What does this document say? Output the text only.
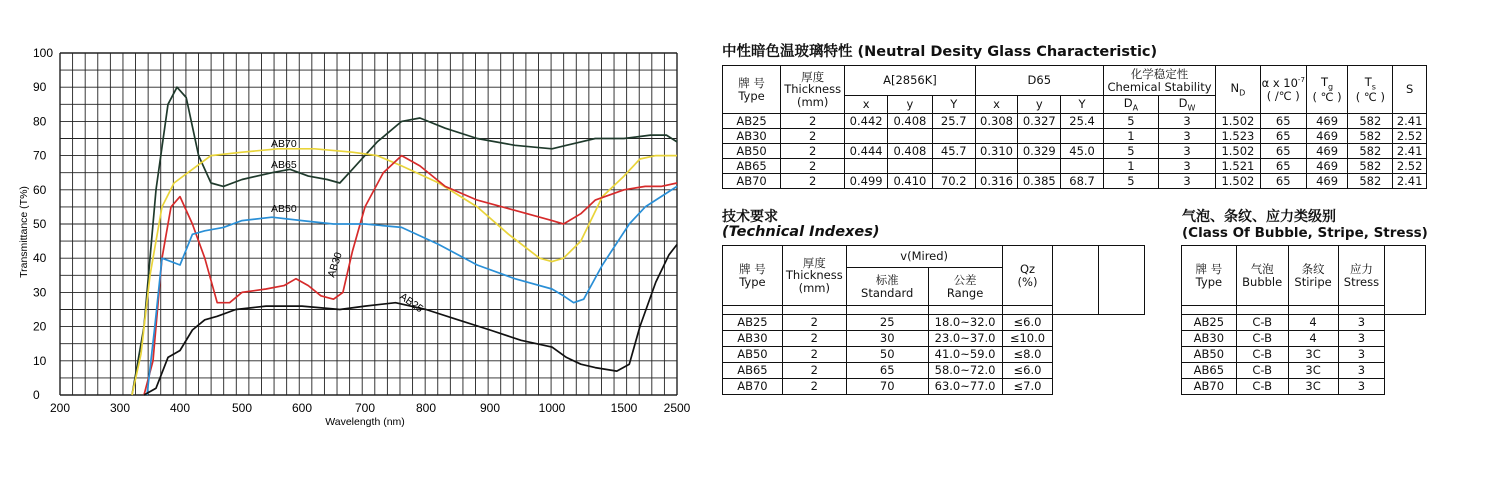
0
10
20
30
40
50
60
70
80
90
100
200	300	400	500	600	700	800	900	1000	1500 2500
Wavelength (nm)
Transmittance (T%)
AB70
AB65
AB50
AB30
AB25
中性暗色温玻璃特性 (Neutral Desity Glass Characteristic)
牌 号
Type	厚度
Thickness
(mm)	A[2856K]			D65			化学稳定性
Chemical Stability		$N_D$	α x $10^{-7}$
( /℃ )	$T_g$
( ℃ )	$T_s$
( ℃ )	S
		x	y	Y	x	y	Y	$D_A$	$D_W$
AB25	2	0.442	0.408	25.7	0.308	0.327	25.4	5	3	1.502	65	469	582	2.41
AB30	2							1	3	1.523	65	469	582	2.52
AB50	2	0.444	0.408	45.7	0.310	0.329	45.0	5	3	1.502	65	469	582	2.41
AB65	2							1	3	1.521	65	469	582	2.52
AB70	2	0.499	0.410	70.2	0.316	0.385	68.7	5	3	1.502	65	469	582	2.41
技术要求
(Technical Indexes)
牌 号
Type	厚度
Thickness
(mm)	v(Mired)		Qz
(%)		
		标准
Standard	公差
Range			

AB25	2	25	18.0~32.0	≤6.0		
AB30	2	30	23.0~37.0	≤10.0		
AB50	2	50	41.0~59.0	≤8.0		
AB65	2	65	58.0~72.0	≤6.0		
AB70	2	70	63.0~77.0	≤7.0		
气泡、条纹、应力类级别
(Class Of Bubble, Stripe, Stress)
牌 号
Type	气泡
Bubble	条纹
Stiripe	应力
Stress	

AB25	C-B	4	3	
AB30	C-B	4	3	
AB50	C-B	3C	3	
AB65	C-B	3C	3	
AB70	C-B	3C	3	
